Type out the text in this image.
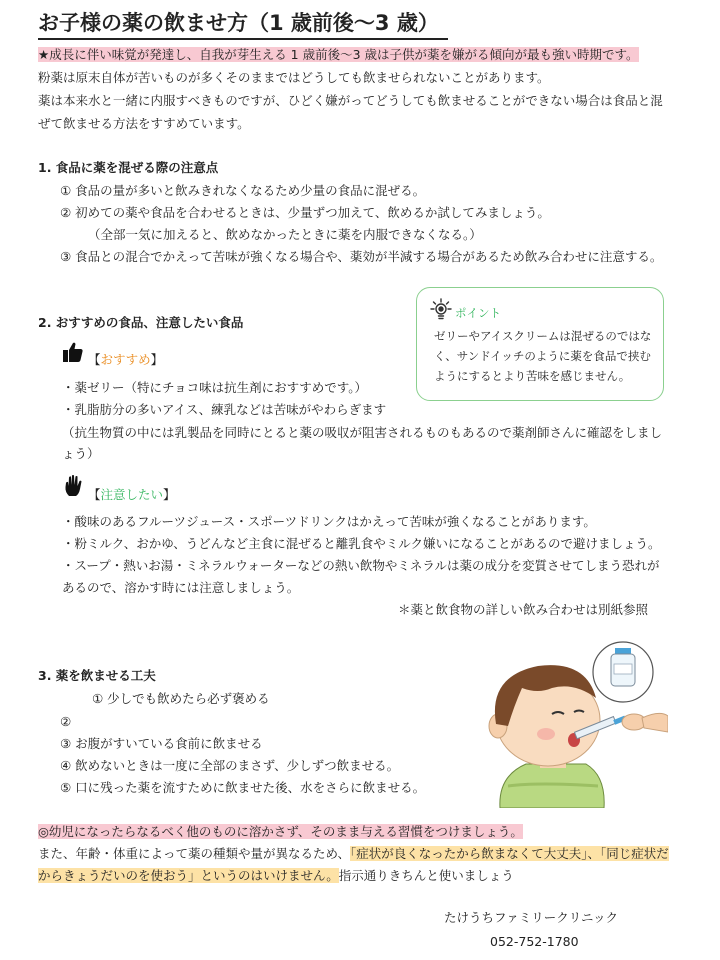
お子様の薬の飲ませ方（1 歳前後～3 歳）
★成長に伴い味覚が発達し、自我が芽生える 1 歳前後～3 歳は子供が薬を嫌がる傾向が最も強い時期です。
粉薬は原末自体が苦いものが多くそのままではどうしても飲ませられないことがあります。
薬は本来水と一緒に内服すべきものですが、ひどく嫌がってどうしても飲ませることができない場合は食品と混
ぜて飲ませる方法をすすめています。
1. 食品に薬を混ぜる際の注意点
① 食品の量が多いと飲みきれなくなるため少量の食品に混ぜる。
② 初めての薬や食品を合わせるときは、少量ずつ加えて、飲めるか試してみましょう。
（全部一気に加えると、飲めなかったときに薬を内服できなくなる。）
③ 食品との混合でかえって苦味が強くなる場合や、薬効が半減する場合があるため飲み合わせに注意する。
ポイント
ゼリーやアイスクリームは混ぜるのではなく、サンドイッチのように薬を食品で挟むようにするとより苦味を感じません。
2. おすすめの食品、注意したい食品
【おすすめ】
・薬ゼリー（特にチョコ味は抗生剤におすすめです。）
・乳脂肪分の多いアイス、練乳などは苦味がやわらぎます
（抗生物質の中には乳製品を同時にとると薬の吸収が阻害されるものもあるので薬剤師さんに確認をしまし
ょう）
【注意したい】
・酸味のあるフルーツジュース・スポーツドリンクはかえって苦味が強くなることがあります。
・粉ミルク、おかゆ、うどんなど主食に混ぜると離乳食やミルク嫌いになることがあるので避けましょう。
・スープ・熱いお湯・ミネラルウォーターなどの熱い飲物やミネラルは薬の成分を変質させてしまう恐れが
あるので、溶かす時には注意しましょう。
＊薬と飲食物の詳しい飲み合わせは別紙参照
3. 薬を飲ませる工夫
① 少しでも飲めたら必ず褒める
②
③ お腹がすいている食前に飲ませる
④ 飲めないときは一度に全部のまさず、少しずつ飲ませる。
⑤ 口に残った薬を流すために飲ませた後、水をさらに飲ませる。
◎幼児になったらなるべく他のものに溶かさず、そのまま与える習慣をつけましょう。
また、年齢・体重によって薬の種類や量が異なるため、「症状が良くなったから飲まなくて大丈夫」、「同じ症状だ
からきょうだいのを使おう」というのはいけません。指示通りきちんと使いましょう
たけうちファミリークリニック
052-752-1780
